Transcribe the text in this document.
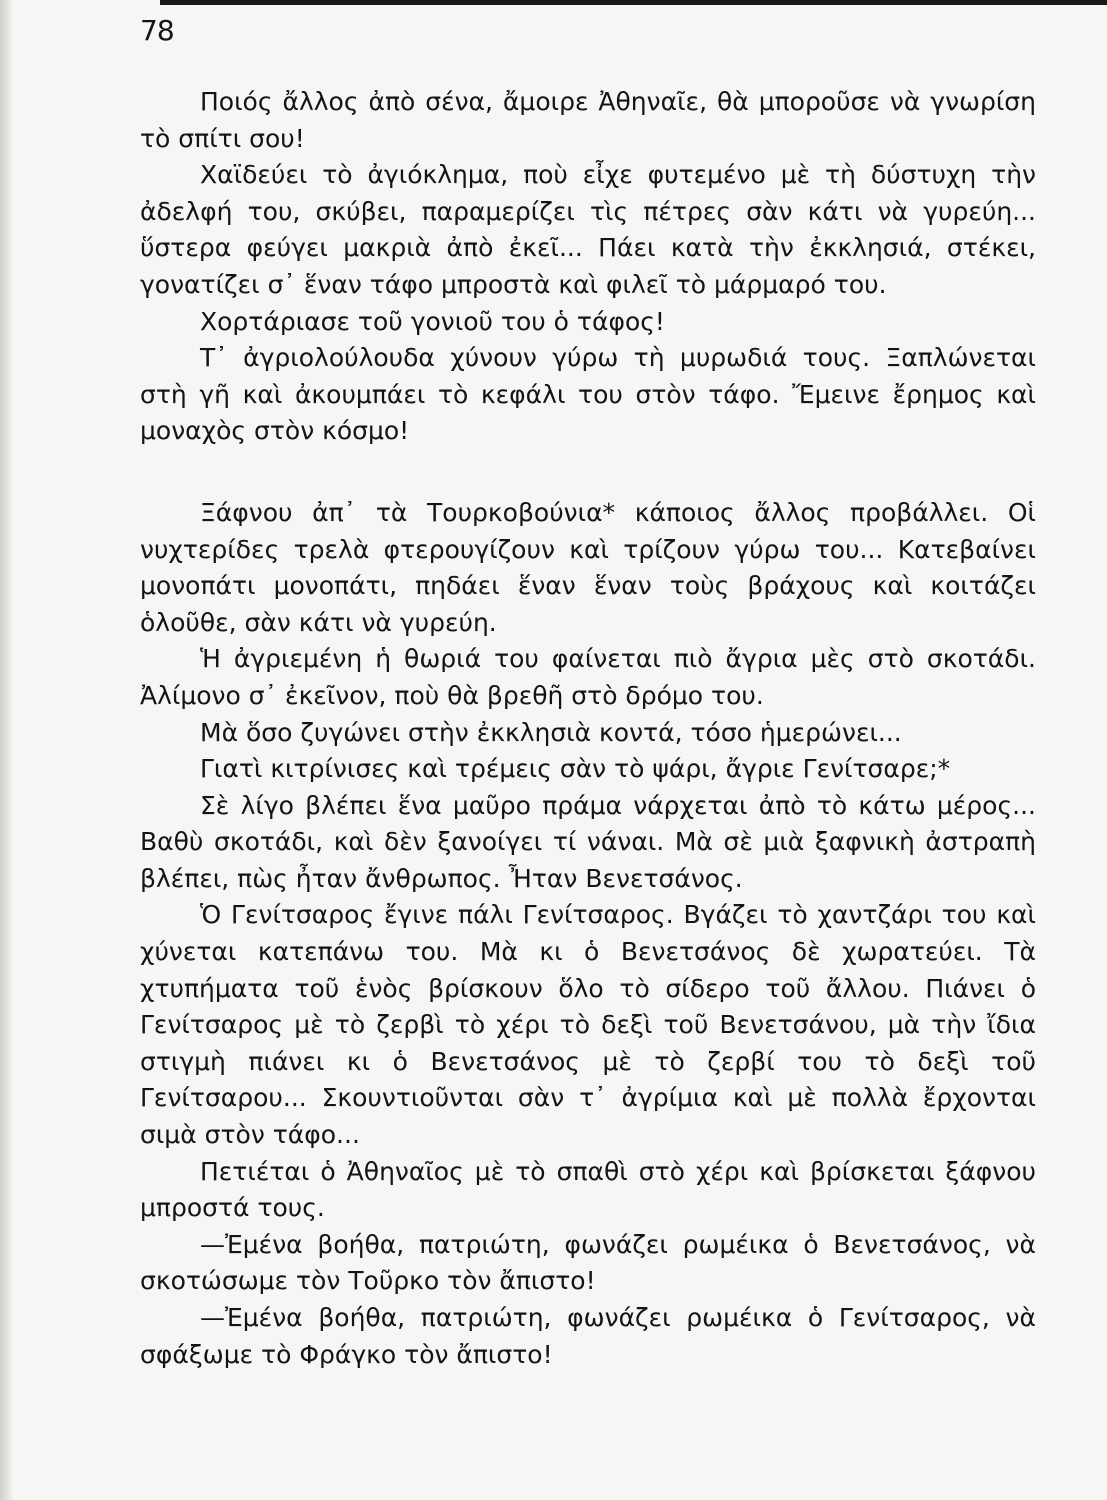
78

Ποιός ἄλλος ἀπὸ σένα, ἄμοιρε Ἀθηναῖε, θὰ μποροῦσε νὰ γνωρίση τὸ σπίτι σου!

Χαϊδεύει τὸ ἀγιόκλημα, ποὺ εἶχε φυτεμένο μὲ τὴ δύστυχη τὴν ἀδελφή του, σκύβει, παραμερίζει τὶς πέτρες σὰν κάτι νὰ γυρεύη... ὕστερα φεύγει μακριὰ ἀπὸ ἐκεῖ... Πάει κατὰ τὴν ἐκκλησιά, στέκει, γονατίζει σ᾿ ἕναν τάφο μπροστὰ καὶ φιλεῖ τὸ μάρμαρό του.

Χορτάριασε τοῦ γονιοῦ του ὁ τάφος!

Τ᾿ ἀγριολούλουδα χύνουν γύρω τὴ μυρωδιά τους. Ξαπλώνεται στὴ γῆ καὶ ἀκουμπάει τὸ κεφάλι του στὸν τάφο. Ἔμεινε ἔρημος καὶ μοναχὸς στὸν κόσμο!

Ξάφνου ἀπ᾿ τὰ Τουρκοβούνια* κάποιος ἄλλος προβάλλει. Οἱ νυχτερίδες τρελὰ φτερουγίζουν καὶ τρίζουν γύρω του... Κατεβαίνει μονοπάτι μονοπάτι, πηδάει ἕναν ἕναν τοὺς βράχους καὶ κοιτάζει ὁλοῦθε, σὰν κάτι νὰ γυρεύη.

Ἡ ἀγριεμένη ἡ θωριά του φαίνεται πιὸ ἄγρια μὲς στὸ σκοτάδι. Ἀλίμονο σ᾿ ἐκεῖνον, ποὺ θὰ βρεθῆ στὸ δρόμο του.

Μὰ ὅσο ζυγώνει στὴν ἐκκλησιὰ κοντά, τόσο ἡμερώνει...

Γιατὶ κιτρίνισες καὶ τρέμεις σὰν τὸ ψάρι, ἄγριε Γενίτσαρε;*

Σὲ λίγο βλέπει ἕνα μαῦρο πράμα νάρχεται ἀπὸ τὸ κάτω μέρος... Βαθὺ σκοτάδι, καὶ δὲν ξανοίγει τί νάναι. Μὰ σὲ μιὰ ξαφνικὴ ἀστραπὴ βλέπει, πὼς ἦταν ἄνθρωπος. Ἦταν Βενετσάνος.

Ὁ Γενίτσαρος ἔγινε πάλι Γενίτσαρος. Βγάζει τὸ χαντζάρι του καὶ χύνεται κατεπάνω του. Μὰ κι ὁ Βενετσάνος δὲ χωρατεύει. Τὰ χτυπήματα τοῦ ἑνὸς βρίσκουν ὅλο τὸ σίδερο τοῦ ἄλλου. Πιάνει ὁ Γενίτσαρος μὲ τὸ ζερβὶ τὸ χέρι τὸ δεξὶ τοῦ Βενετσάνου, μὰ τὴν ἴδια στιγμὴ πιάνει κι ὁ Βενετσάνος μὲ τὸ ζερβί του τὸ δεξὶ τοῦ Γενίτσαρου... Σκουντιοῦνται σὰν τ᾿ ἀγρίμια καὶ μὲ πολλὰ ἔρχονται σιμὰ στὸν τάφο...

Πετιέται ὁ Ἀθηναῖος μὲ τὸ σπαθὶ στὸ χέρι καὶ βρίσκεται ξάφνου μπροστά τους.

—Ἐμένα βοήθα, πατριώτη, φωνάζει ρωμέικα ὁ Βενετσάνος, νὰ σκοτώσωμε τὸν Τοῦρκο τὸν ἄπιστο!

—Ἐμένα βοήθα, πατριώτη, φωνάζει ρωμέικα ὁ Γενίτσαρος, νὰ σφάξωμε τὸ Φράγκο τὸν ἄπιστο!
